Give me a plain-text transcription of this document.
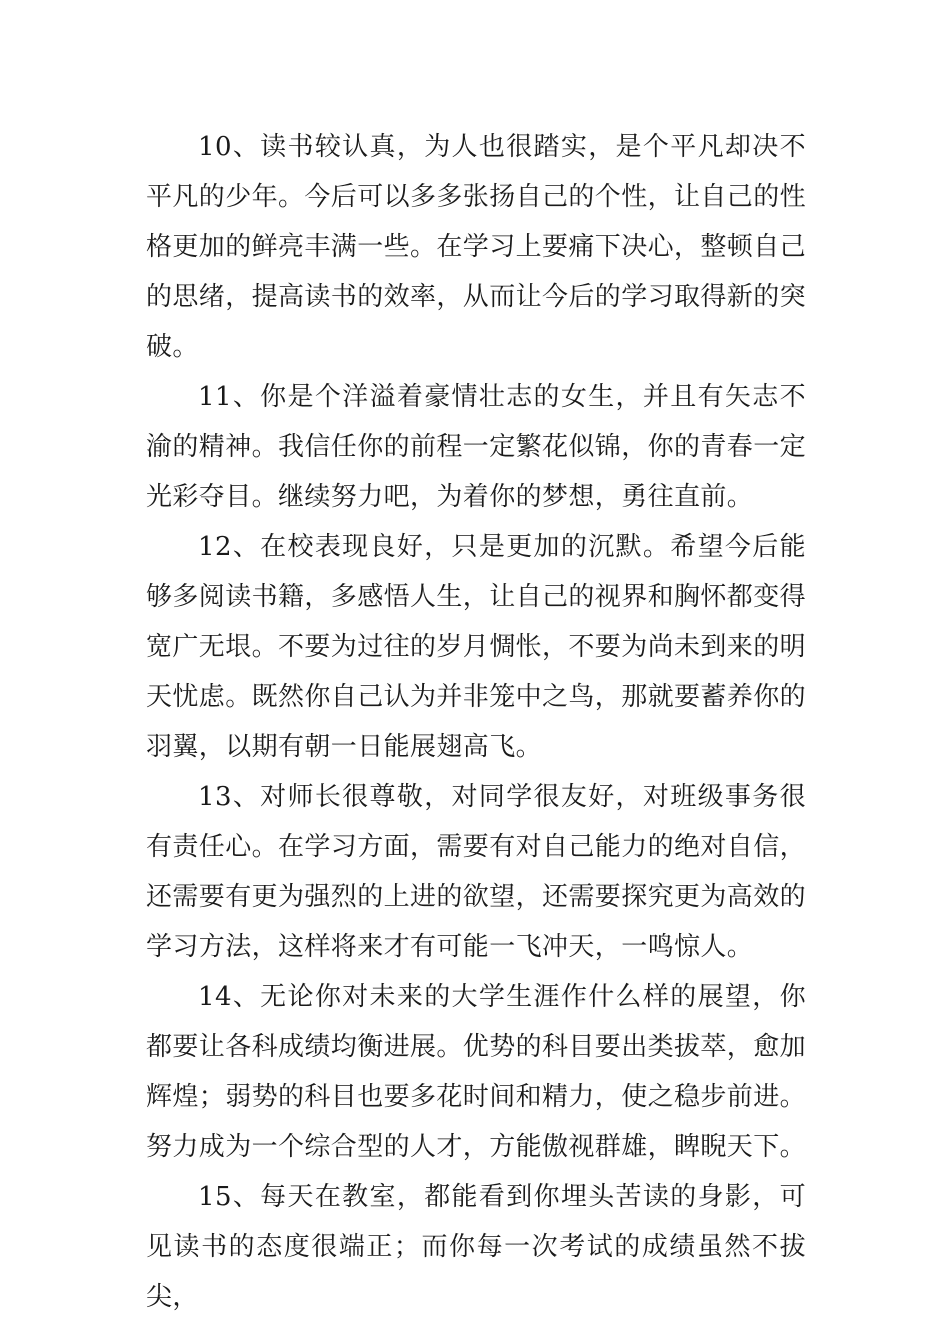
10、读书较认真，为人也很踏实，是个平凡却决不平凡的少年。今后可以多多张扬自己的个性，让自己的性格更加的鲜亮丰满一些。在学习上要痛下决心，整顿自己的思绪，提高读书的效率，从而让今后的学习取得新的突破。

11、你是个洋溢着豪情壮志的女生，并且有矢志不渝的精神。我信任你的前程一定繁花似锦，你的青春一定光彩夺目。继续努力吧，为着你的梦想，勇往直前。

12、在校表现良好，只是更加的沉默。希望今后能够多阅读书籍，多感悟人生，让自己的视界和胸怀都变得宽广无垠。不要为过往的岁月惆怅，不要为尚未到来的明天忧虑。既然你自己认为并非笼中之鸟，那就要蓄养你的羽翼，以期有朝一日能展翅高飞。

13、对师长很尊敬，对同学很友好，对班级事务很有责任心。在学习方面，需要有对自己能力的绝对自信，还需要有更为强烈的上进的欲望，还需要探究更为高效的学习方法，这样将来才有可能一飞冲天，一鸣惊人。

14、无论你对未来的大学生涯作什么样的展望，你都要让各科成绩均衡进展。优势的科目要出类拔萃，愈加辉煌；弱势的科目也要多花时间和精力，使之稳步前进。努力成为一个综合型的人才，方能傲视群雄，睥睨天下。

15、每天在教室，都能看到你埋头苦读的身影，可见读书的态度很端正；而你每一次考试的成绩虽然不拔尖，
